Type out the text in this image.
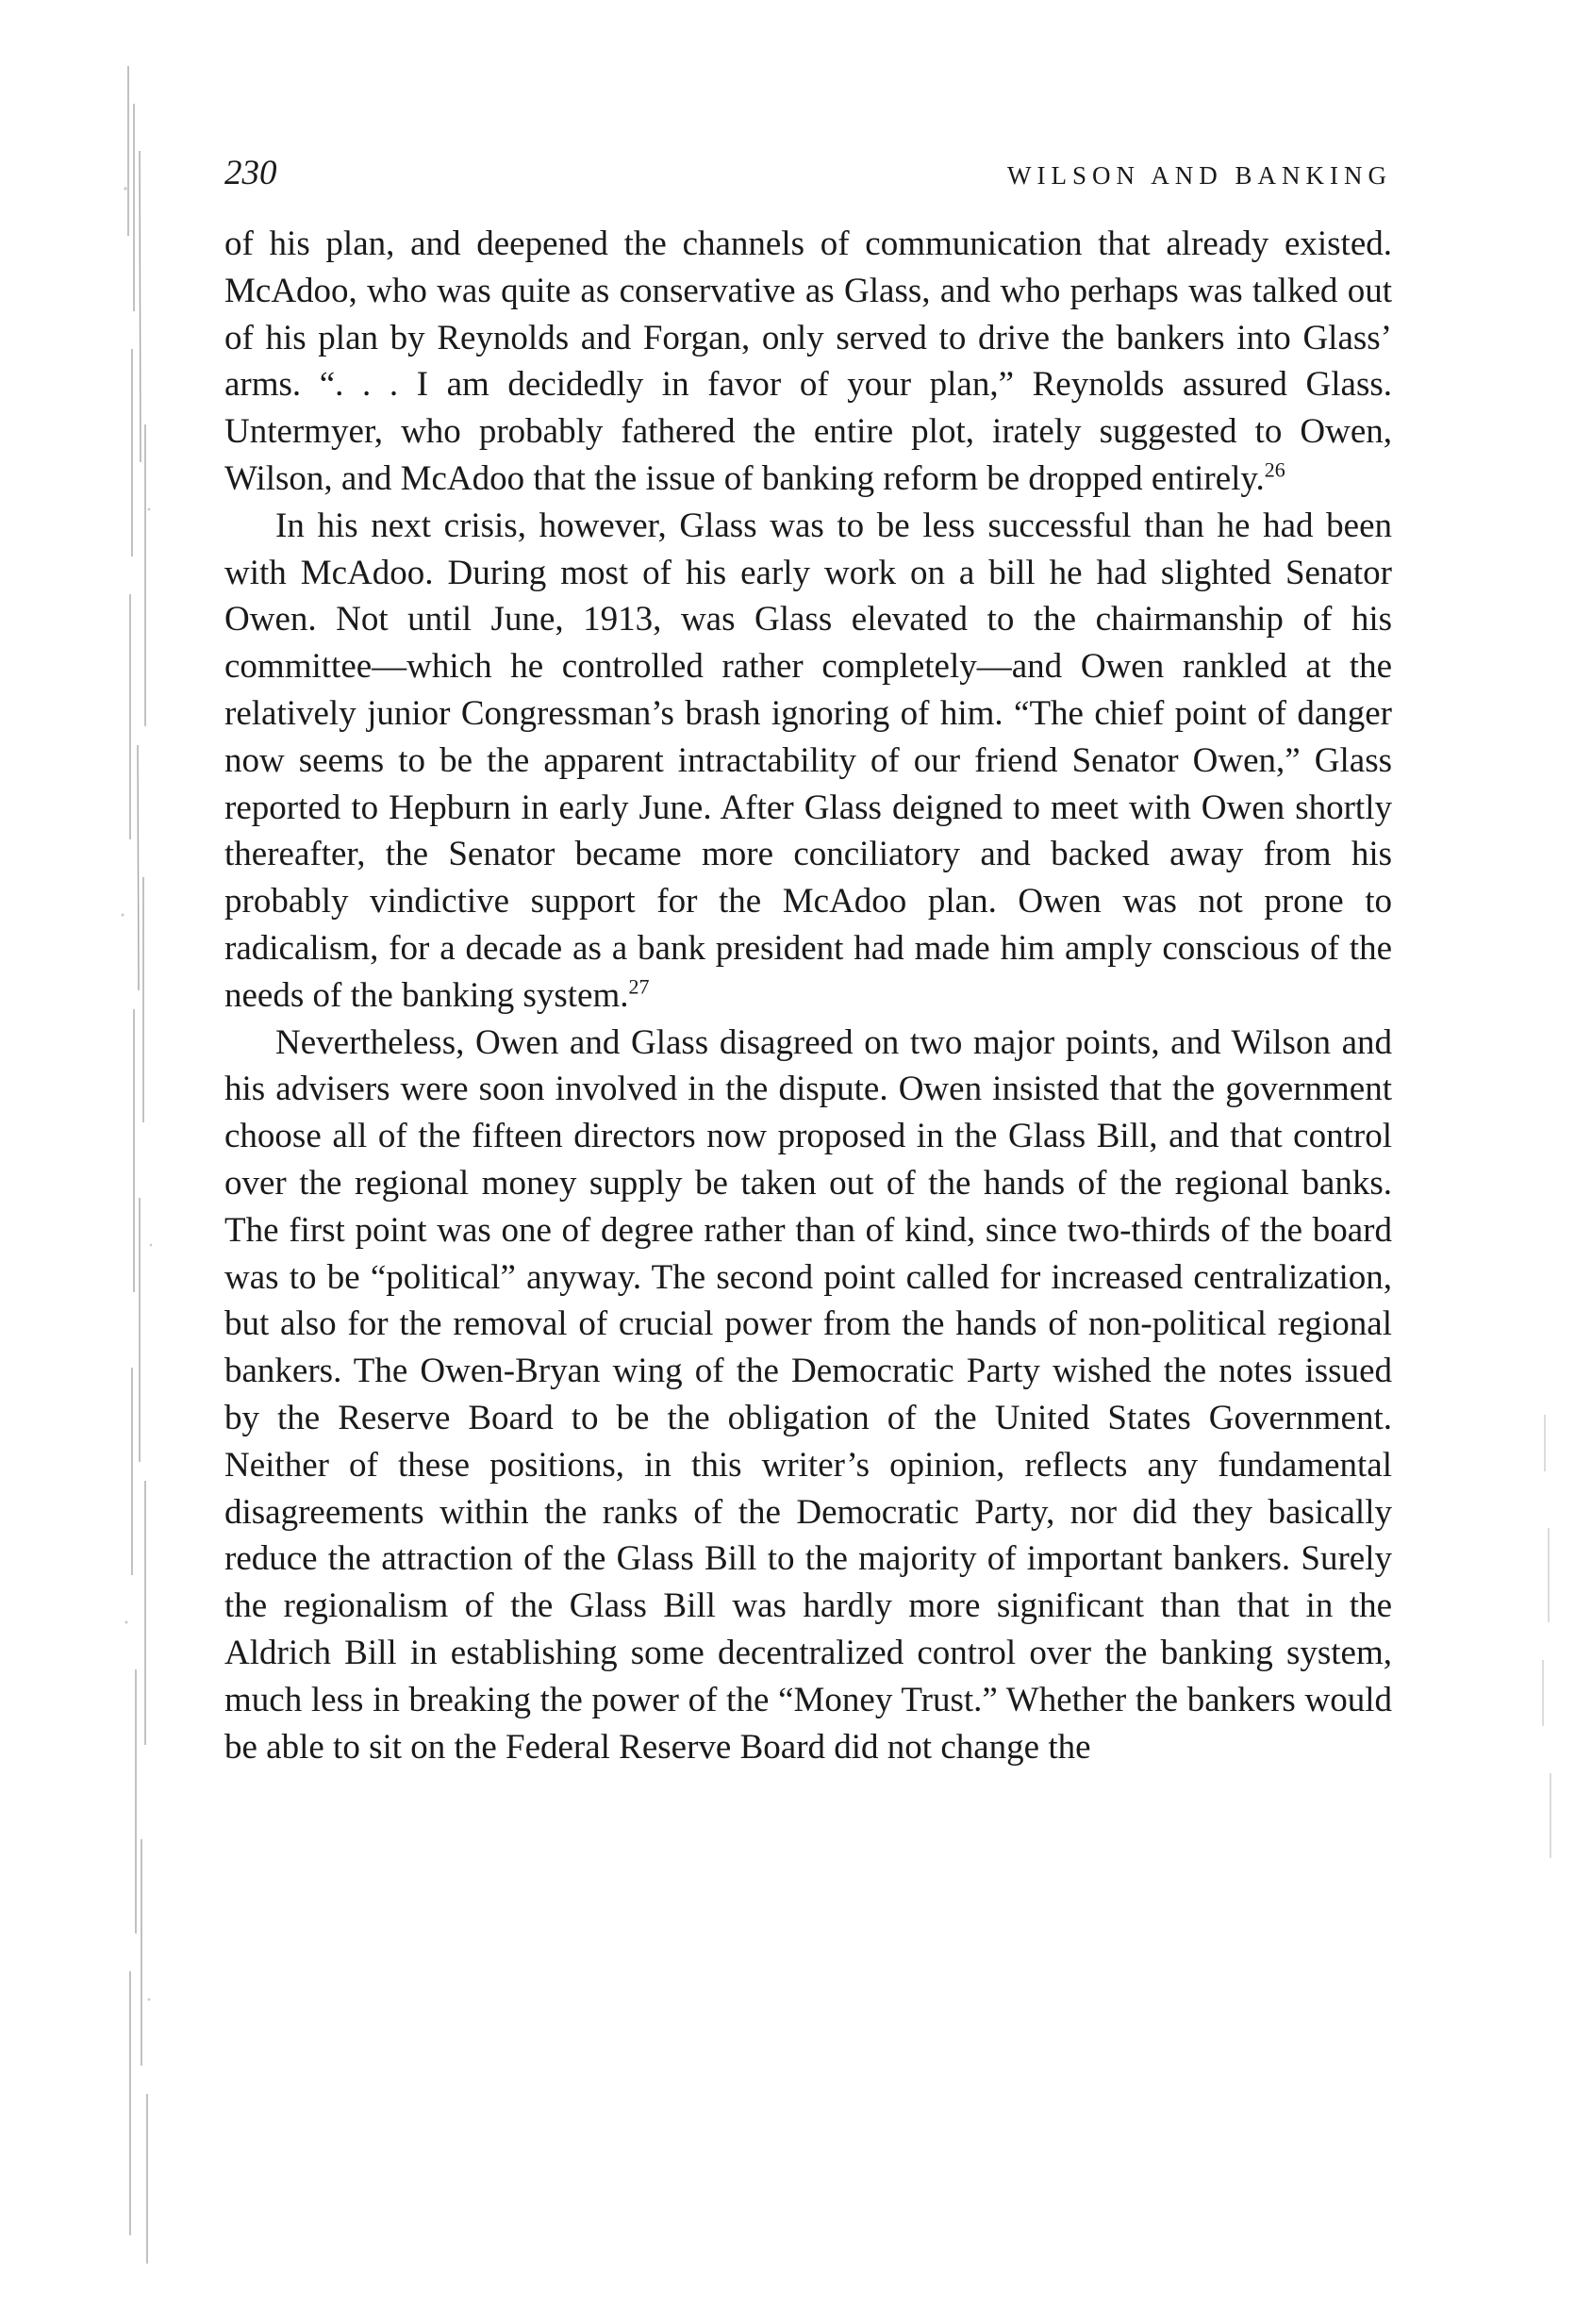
230	WILSON AND BANKING

of his plan, and deepened the channels of communication that already existed. McAdoo, who was quite as conservative as Glass, and who perhaps was talked out of his plan by Reynolds and Forgan, only served to drive the bankers into Glass’ arms. “. . . I am decidedly in favor of your plan,” Reynolds assured Glass. Untermyer, who probably fathered the entire plot, irately suggested to Owen, Wilson, and McAdoo that the issue of banking reform be dropped entirely.$^{26}$

In his next crisis, however, Glass was to be less successful than he had been with McAdoo. During most of his early work on a bill he had slighted Senator Owen. Not until June, 1913, was Glass elevated to the chairmanship of his committee—which he controlled rather completely—and Owen rankled at the relatively junior Congressman’s brash ignoring of him. “The chief point of danger now seems to be the apparent intractability of our friend Senator Owen,” Glass reported to Hepburn in early June. After Glass deigned to meet with Owen shortly thereafter, the Senator became more conciliatory and backed away from his probably vindictive support for the McAdoo plan. Owen was not prone to radicalism, for a decade as a bank president had made him amply conscious of the needs of the banking system.$^{27}$

Nevertheless, Owen and Glass disagreed on two major points, and Wilson and his advisers were soon involved in the dispute. Owen insisted that the government choose all of the fifteen directors now proposed in the Glass Bill, and that control over the regional money supply be taken out of the hands of the regional banks. The first point was one of degree rather than of kind, since two-thirds of the board was to be “political” anyway. The second point called for increased centralization, but also for the removal of crucial power from the hands of non-political regional bankers. The Owen-Bryan wing of the Democratic Party wished the notes issued by the Reserve Board to be the obligation of the United States Government. Neither of these positions, in this writer’s opinion, reflects any fundamental disagreements within the ranks of the Democratic Party, nor did they basically reduce the attraction of the Glass Bill to the majority of important bankers. Surely the regionalism of the Glass Bill was hardly more significant than that in the Aldrich Bill in establishing some decentralized control over the banking system, much less in breaking the power of the “Money Trust.” Whether the bankers would be able to sit on the Federal Reserve Board did not change the
